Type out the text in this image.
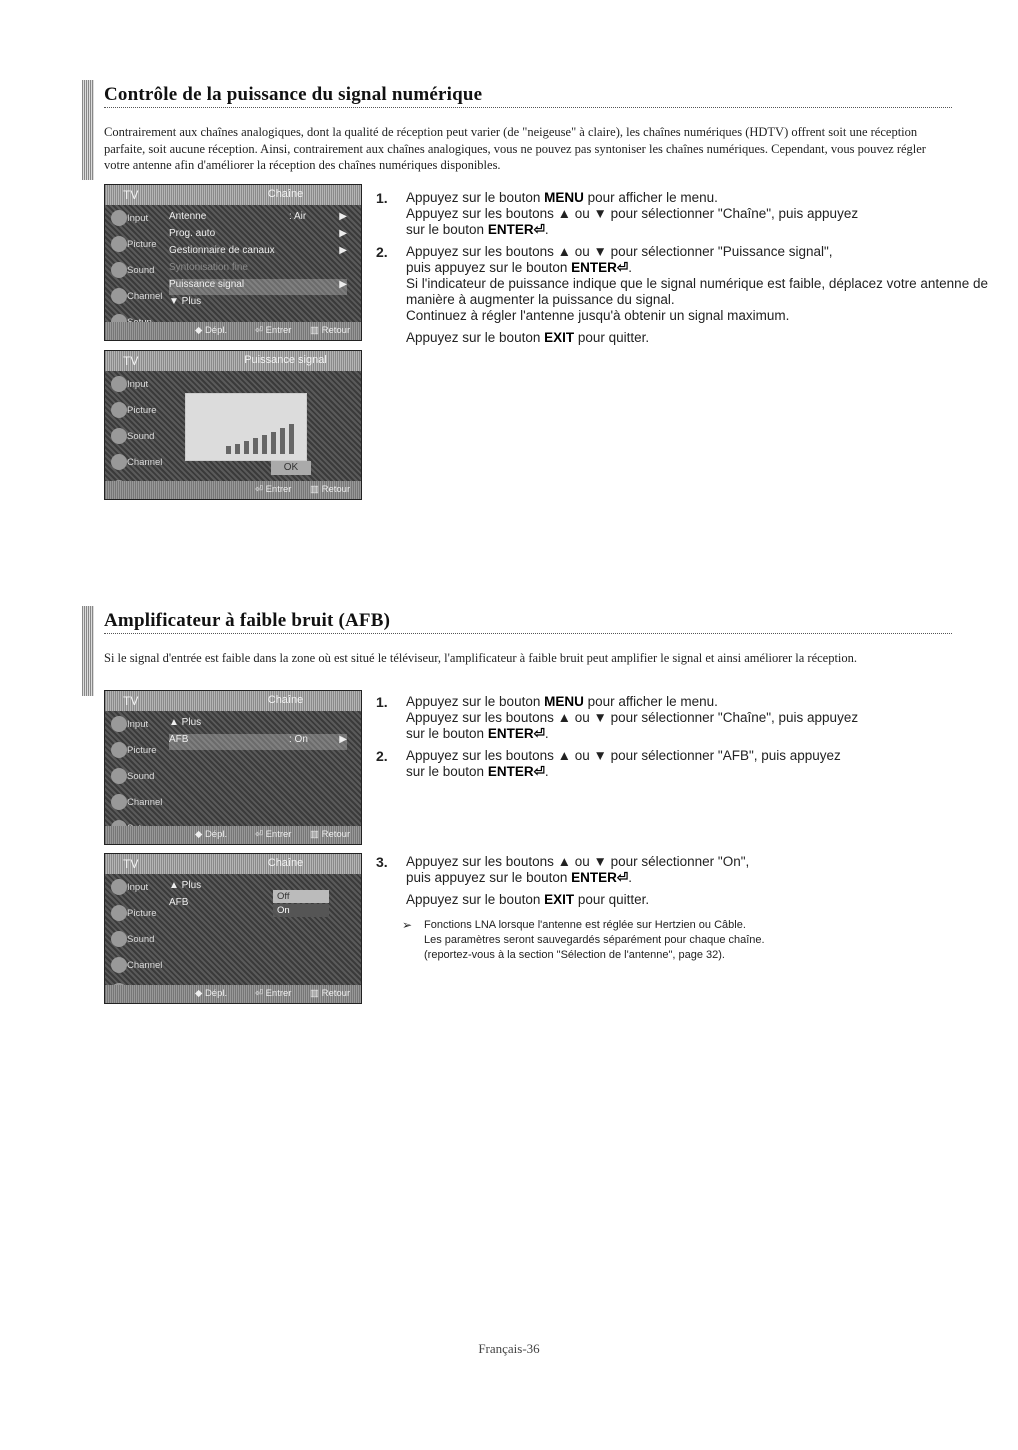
Contrôle de la puissance du signal numérique
Contrairement aux chaînes analogiques, dont la qualité de réception peut varier (de "neigeuse" à claire), les chaînes numériques (HDTV) offrent soit une réception parfaite, soit aucune réception. Ainsi, contrairement aux chaînes analogiques, vous ne pouvez pas syntoniser les chaînes numériques. Cependant, vous pouvez régler votre antenne afin d'améliorer la réception des chaînes numériques disponibles.
TV	Chaîne
Input
Picture
Sound
Channel
Antenne	: Air	▶
Prog. auto	▶
Gestionnaire de canaux	▶
Syntonisation fine
Puissance signal	▶
▼ Plus
◆ Dépl.	⏎ Entrer ▥ Retour
TV	Puissance signal
Input
Picture
Sound
Channel	OK
⏎ Entrer ▥ Retour
1. Appuyez sur le bouton MENU pour afficher le menu.
Appuyez sur les boutons ▲ ou ▼ pour sélectionner "Chaîne", puis appuyez
sur le bouton ENTER⏎.
2. Appuyez sur les boutons ▲ ou ▼ pour sélectionner "Puissance signal",
puis appuyez sur le bouton ENTER⏎.
Si l'indicateur de puissance indique que le signal numérique est faible, déplacez votre antenne de manière à augmenter la puissance du signal.
Continuez à régler l'antenne jusqu'à obtenir un signal maximum.
Appuyez sur le bouton EXIT pour quitter.
Amplificateur à faible bruit (AFB)
Si le signal d'entrée est faible dans la zone où est situé le téléviseur, l'amplificateur à faible bruit peut amplifier le signal et ainsi améliorer la réception.
TV	Chaîne
Input
Picture
Sound
Channel
▲ Plus
AFB	: On	▶
◆ Dépl.	⏎ Entrer ▥ Retour
TV	Chaîne
Input
Picture
Sound
Channel
▲ Plus
AFB
Off
On
◆ Dépl.	⏎ Entrer ▥ Retour
1. Appuyez sur le bouton MENU pour afficher le menu.
Appuyez sur les boutons ▲ ou ▼ pour sélectionner "Chaîne", puis appuyez
sur le bouton ENTER⏎.
2. Appuyez sur les boutons ▲ ou ▼ pour sélectionner "AFB", puis appuyez
sur le bouton ENTER⏎.
3. Appuyez sur les boutons ▲ ou ▼ pour sélectionner "On",
puis appuyez sur le bouton ENTER⏎.
Appuyez sur le bouton EXIT pour quitter.
➢ Fonctions LNA lorsque l'antenne est réglée sur Hertzien ou Câble.
Les paramètres seront sauvegardés séparément pour chaque chaîne.
(reportez-vous à la section "Sélection de l'antenne", page 32).
Français-36
